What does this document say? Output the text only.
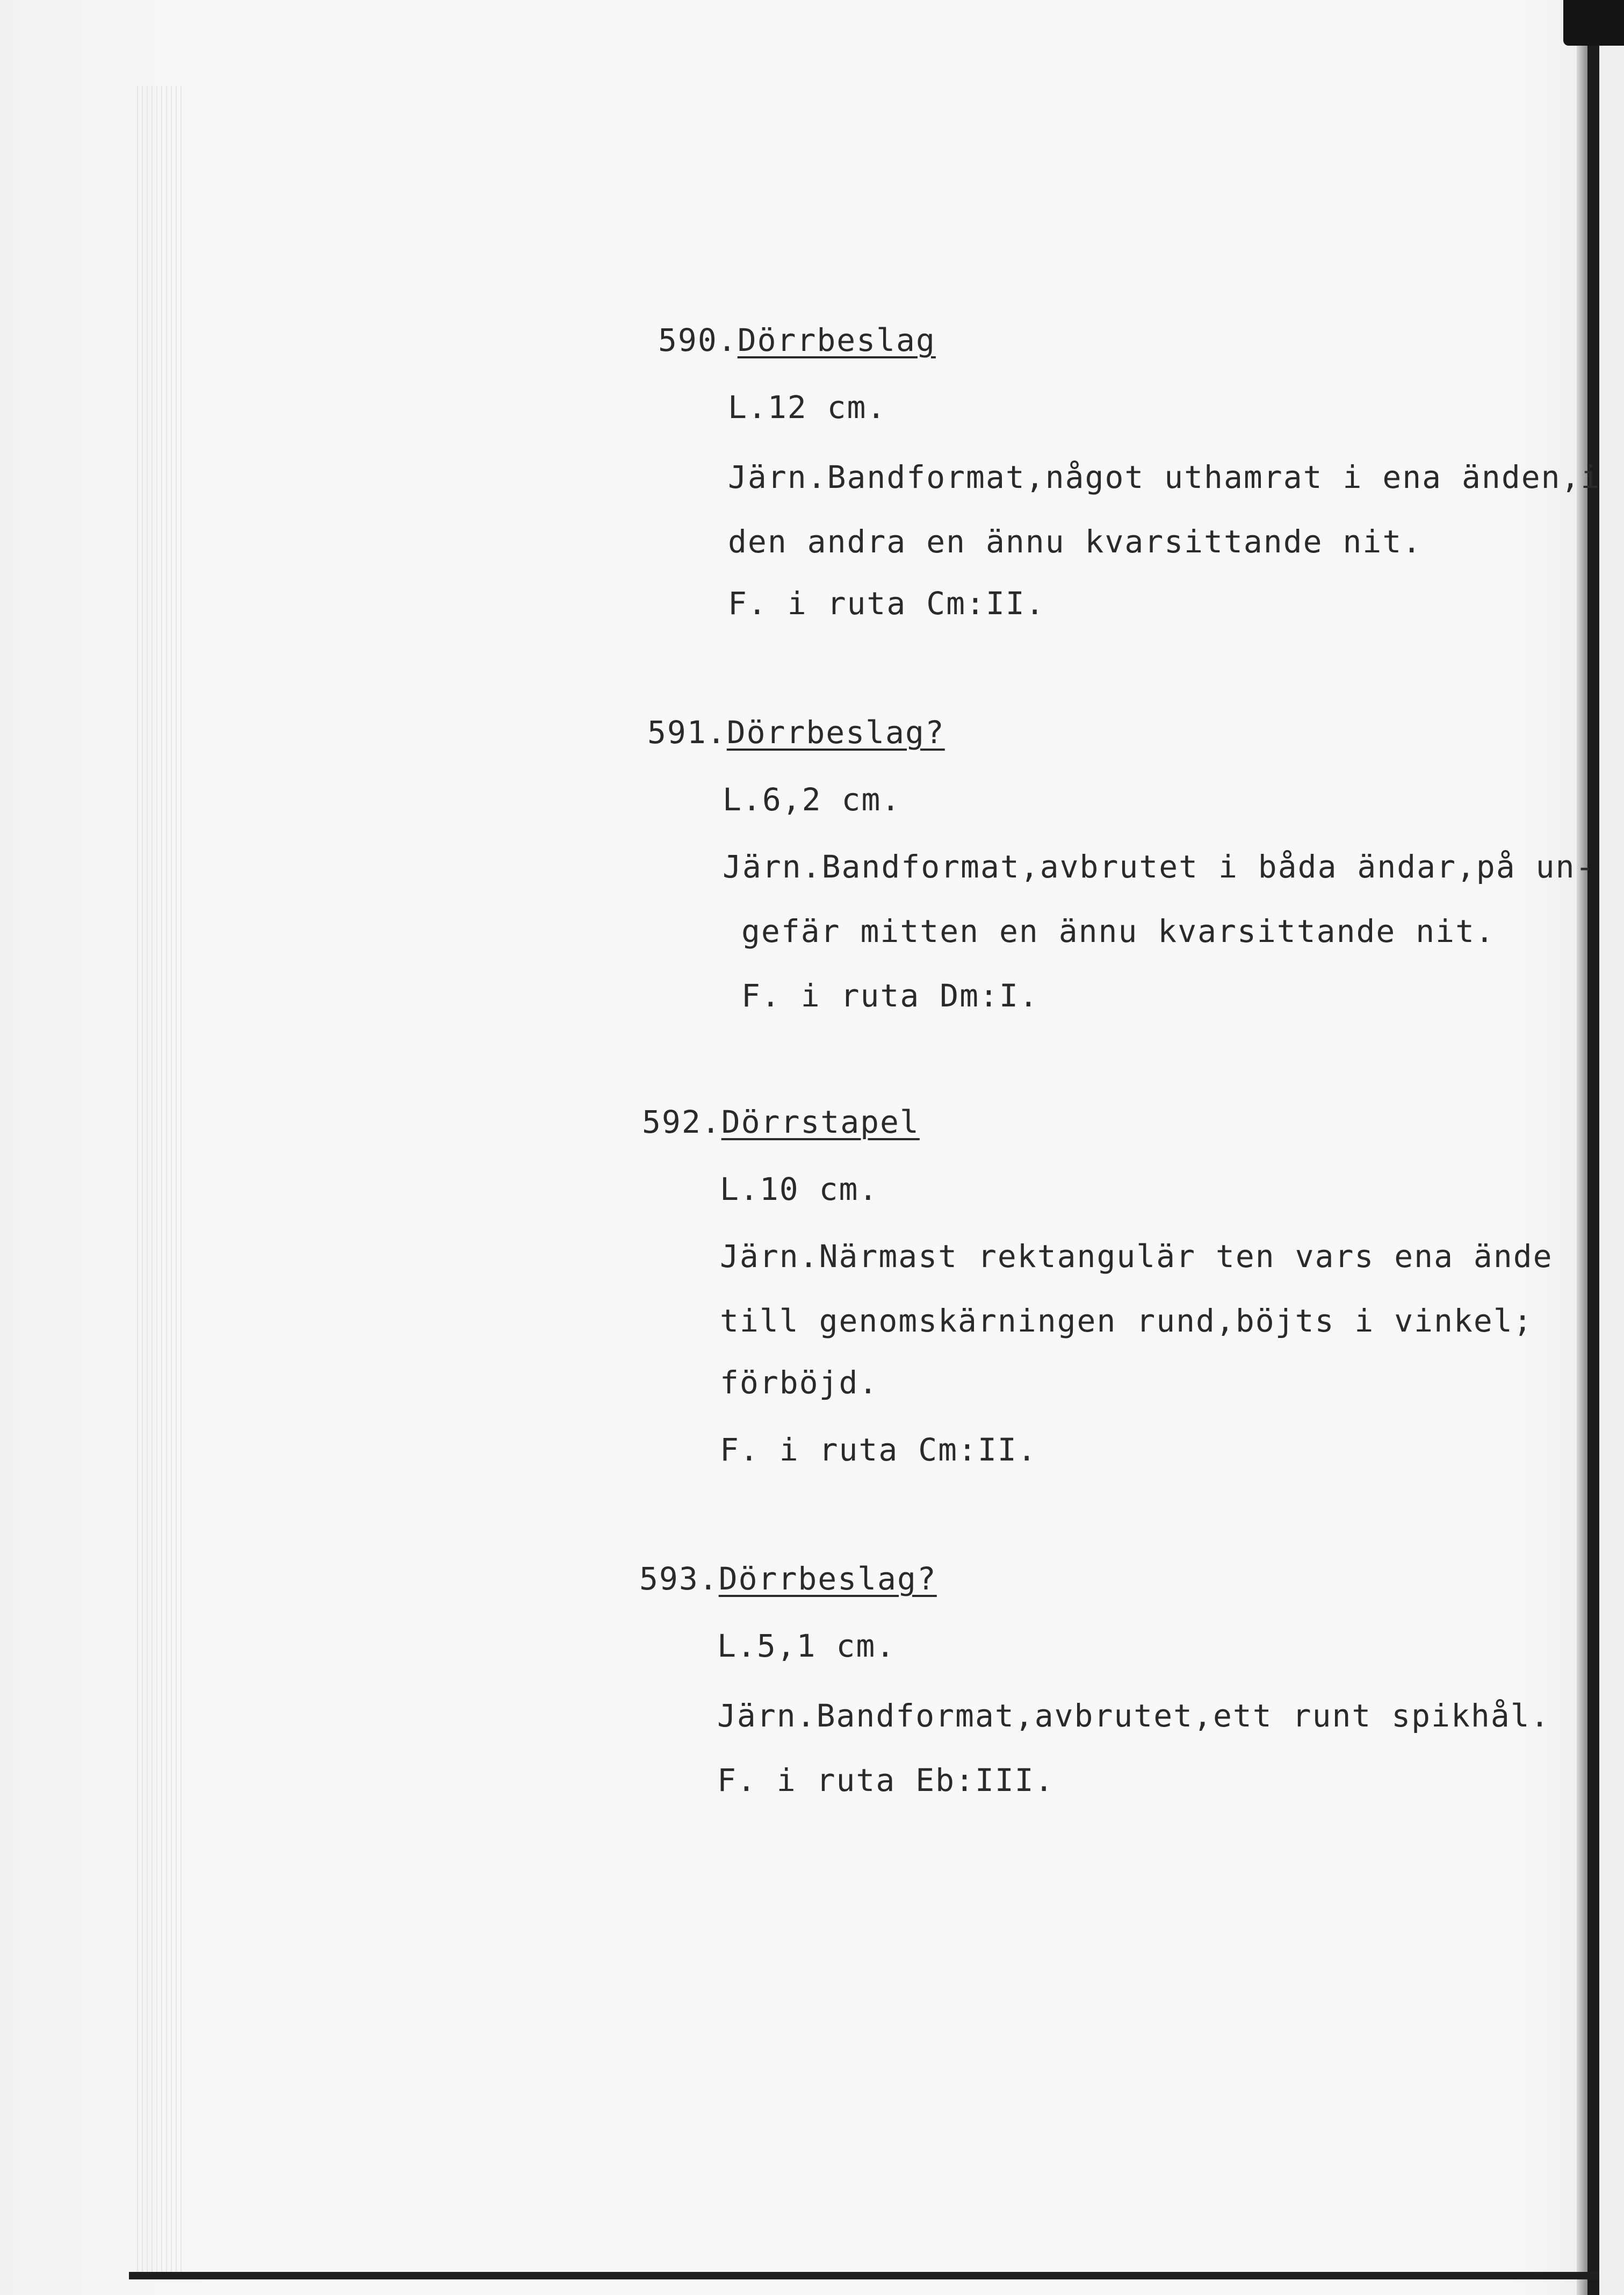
590.Dörrbeslag
L.12 cm.
Järn.Bandformat,något uthamrat i ena änden,i
den andra en ännu kvarsittande nit.
F. i ruta Cm:II.
591.Dörrbeslag?
L.6,2 cm.
Järn.Bandformat,avbrutet i båda ändar,på un-
gefär mitten en ännu kvarsittande nit.
F. i ruta Dm:I.
592.Dörrstapel
L.10 cm.
Järn.Närmast rektangulär ten vars ena ände
till genomskärningen rund,böjts i vinkel;
förböjd.
F. i ruta Cm:II.
593.Dörrbeslag?
L.5,1 cm.
Järn.Bandformat,avbrutet,ett runt spikhål.
F. i ruta Eb:III.
